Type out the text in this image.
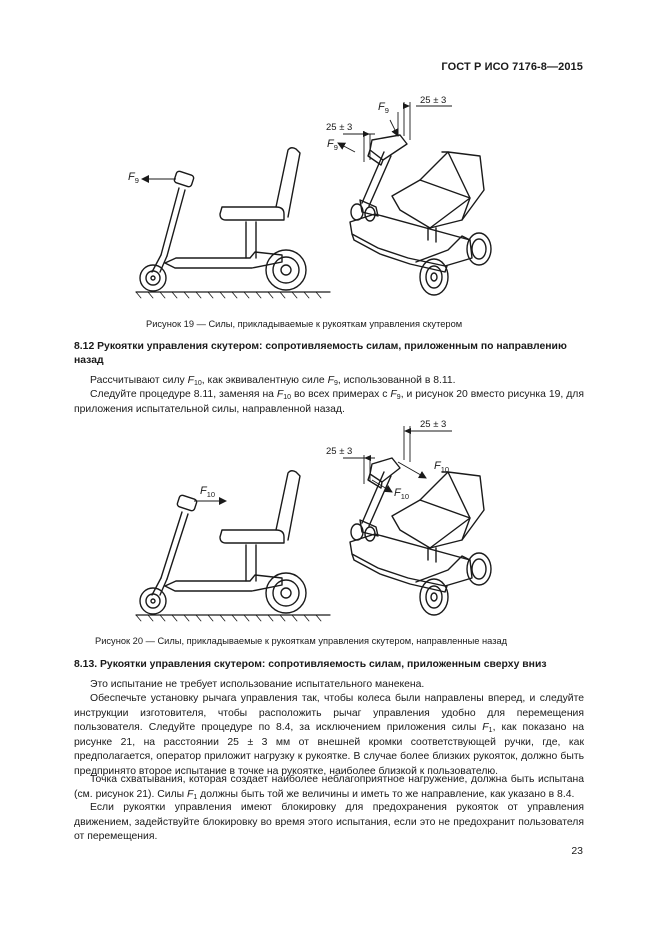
ГОСТ Р ИСО 7176-8—2015
$F_9$
25 ± 3
25 ± 3
$F_9$
$F_9$
Рисунок 19 — Силы, прикладываемые к рукояткам управления скутером
8.12 Рукоятки управления скутером: сопротивляемость силам, приложенным по направлению назад
Рассчитывают силу $F_{10}$, как эквивалентную силе $F_9$, использованной в 8.11.
Следуйте процедуре 8.11, заменяя на $F_{10}$ во всех примерах с $F_9$, и рисунок 20 вместо рисунка 19, для приложения испытательной силы, направленной назад.
$F_{10}$
25 ± 3
25 ± 3
$F_{10}$
$F_{10}$
Рисунок 20 — Силы, прикладываемые к рукояткам управления скутером, направленные назад
8.13. Рукоятки управления скутером: сопротивляемость силам, приложенным сверху вниз
Это испытание не требует использование испытательного манекена.
Обеспечьте установку рычага управления так, чтобы колеса были направлены вперед, и следуйте инструкции изготовителя, чтобы расположить рычаг управления удобно для перемещения пользователя. Следуйте процедуре по 8.4, за исключением приложения силы $F_1$, как показано на рисунке 21, на расстоянии 25 ± 3 мм от внешней кромки соответствующей ручки, где, как предполагается, оператор приложит нагрузку к рукоятке. В случае более близких рукояток, должно быть предпринято второе испытание в точке на рукоятке, наиболее близкой к пользователю.
Точка схватывания, которая создает наиболее неблагоприятное нагружение, должна быть испытана (см. рисунок 21). Силы $F_1$ должны быть той же величины и иметь то же направление, как указано в 8.4.
Если рукоятки управления имеют блокировку для предохранения рукояток от управления движением, задействуйте блокировку во время этого испытания, если это не предохранит пользователя от перемещения.
23
